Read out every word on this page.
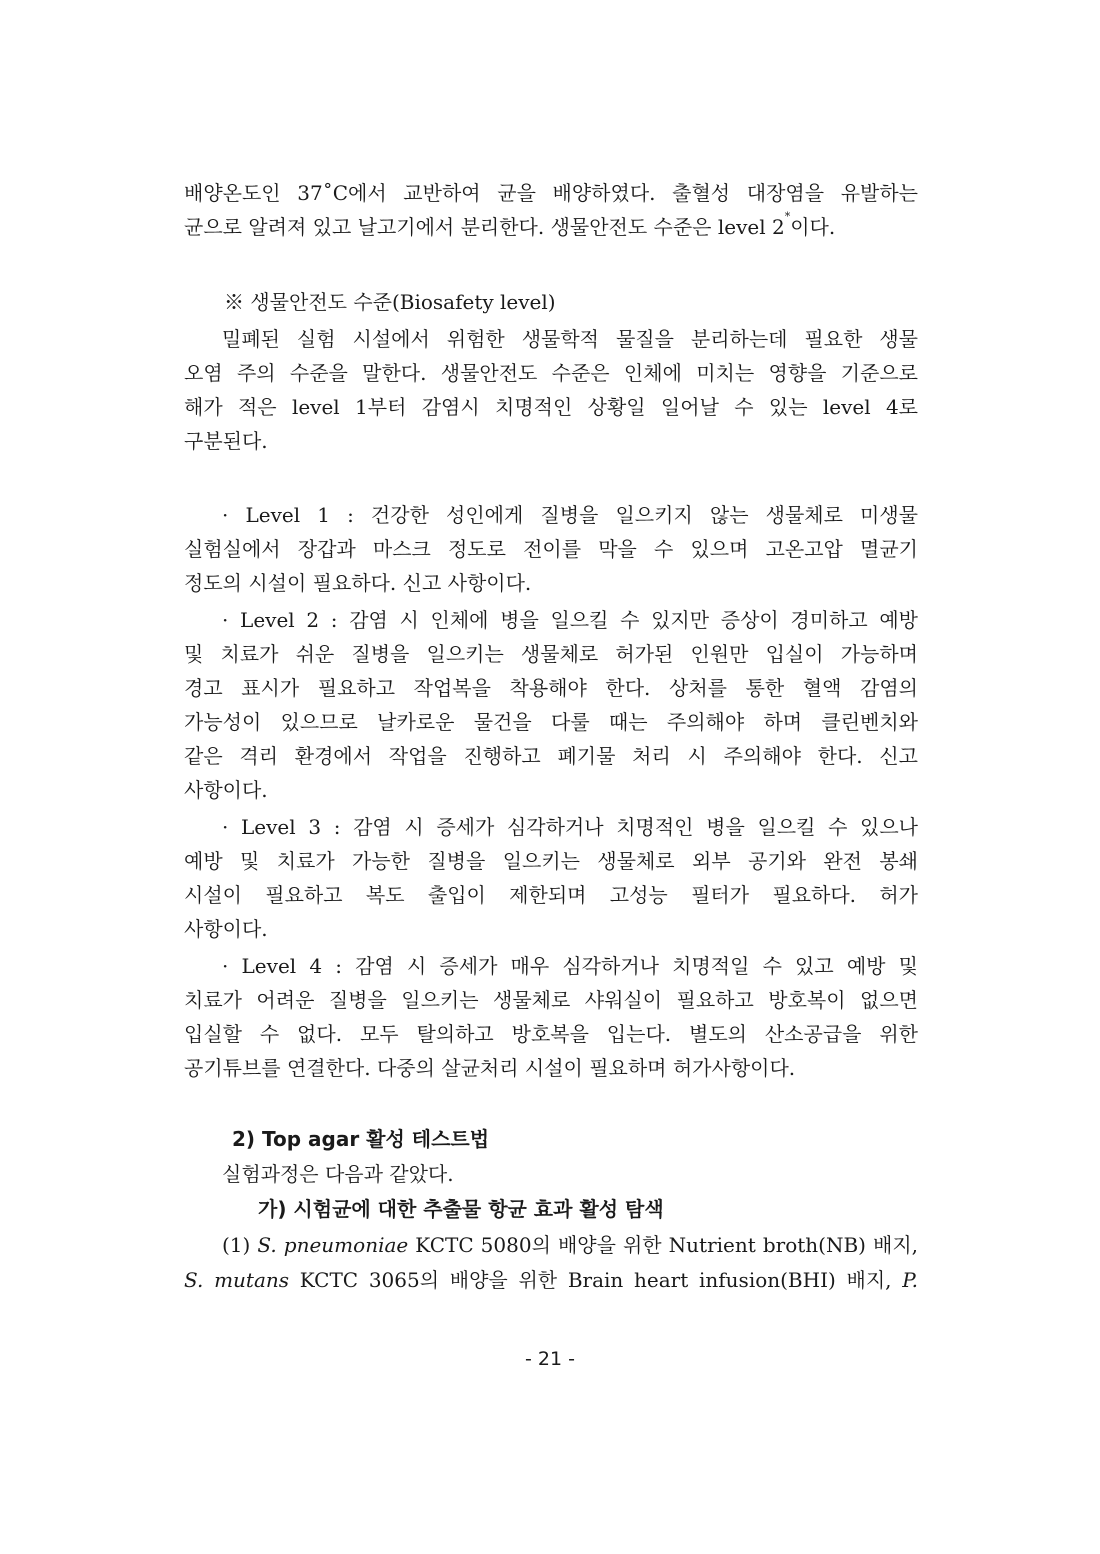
배양온도인 37˚C에서 교반하여 균을 배양하였다. 출혈성 대장염을 유발하는
균으로 알려져 있고 날고기에서 분리한다. 생물안전도 수준은 level 2*이다.
※ 생물안전도 수준(Biosafety level)
밀폐된 실험 시설에서 위험한 생물학적 물질을 분리하는데 필요한 생물
오염 주의 수준을 말한다. 생물안전도 수준은 인체에 미치는 영향을 기준으로
해가 적은 level 1부터 감염시 치명적인 상황일 일어날 수 있는 level 4로
구분된다.
· Level 1 : 건강한 성인에게 질병을 일으키지 않는 생물체로 미생물
실험실에서 장갑과 마스크 정도로 전이를 막을 수 있으며 고온고압 멸균기
정도의 시설이 필요하다. 신고 사항이다.
· Level 2 : 감염 시 인체에 병을 일으킬 수 있지만 증상이 경미하고 예방
및 치료가 쉬운 질병을 일으키는 생물체로 허가된 인원만 입실이 가능하며
경고 표시가 필요하고 작업복을 착용해야 한다. 상처를 통한 혈액 감염의
가능성이 있으므로 날카로운 물건을 다룰 때는 주의해야 하며 클린벤치와
같은 격리 환경에서 작업을 진행하고 폐기물 처리 시 주의해야 한다. 신고
사항이다.
· Level 3 : 감염 시 증세가 심각하거나 치명적인 병을 일으킬 수 있으나
예방 및 치료가 가능한 질병을 일으키는 생물체로 외부 공기와 완전 봉쇄
시설이 필요하고 복도 출입이 제한되며 고성능 필터가 필요하다. 허가
사항이다.
· Level 4 : 감염 시 증세가 매우 심각하거나 치명적일 수 있고 예방 및
치료가 어려운 질병을 일으키는 생물체로 샤워실이 필요하고 방호복이 없으면
입실할 수 없다. 모두 탈의하고 방호복을 입는다. 별도의 산소공급을 위한
공기튜브를 연결한다. 다중의 살균처리 시설이 필요하며 허가사항이다.
2) Top agar 활성 테스트법
실험과정은 다음과 같았다.
가) 시험균에 대한 추출물 항균 효과 활성 탐색
(1) S. pneumoniae KCTC 5080의 배양을 위한 Nutrient broth(NB) 배지,
S. mutans KCTC 3065의 배양을 위한 Brain heart infusion(BHI) 배지, P.
- 21 -
